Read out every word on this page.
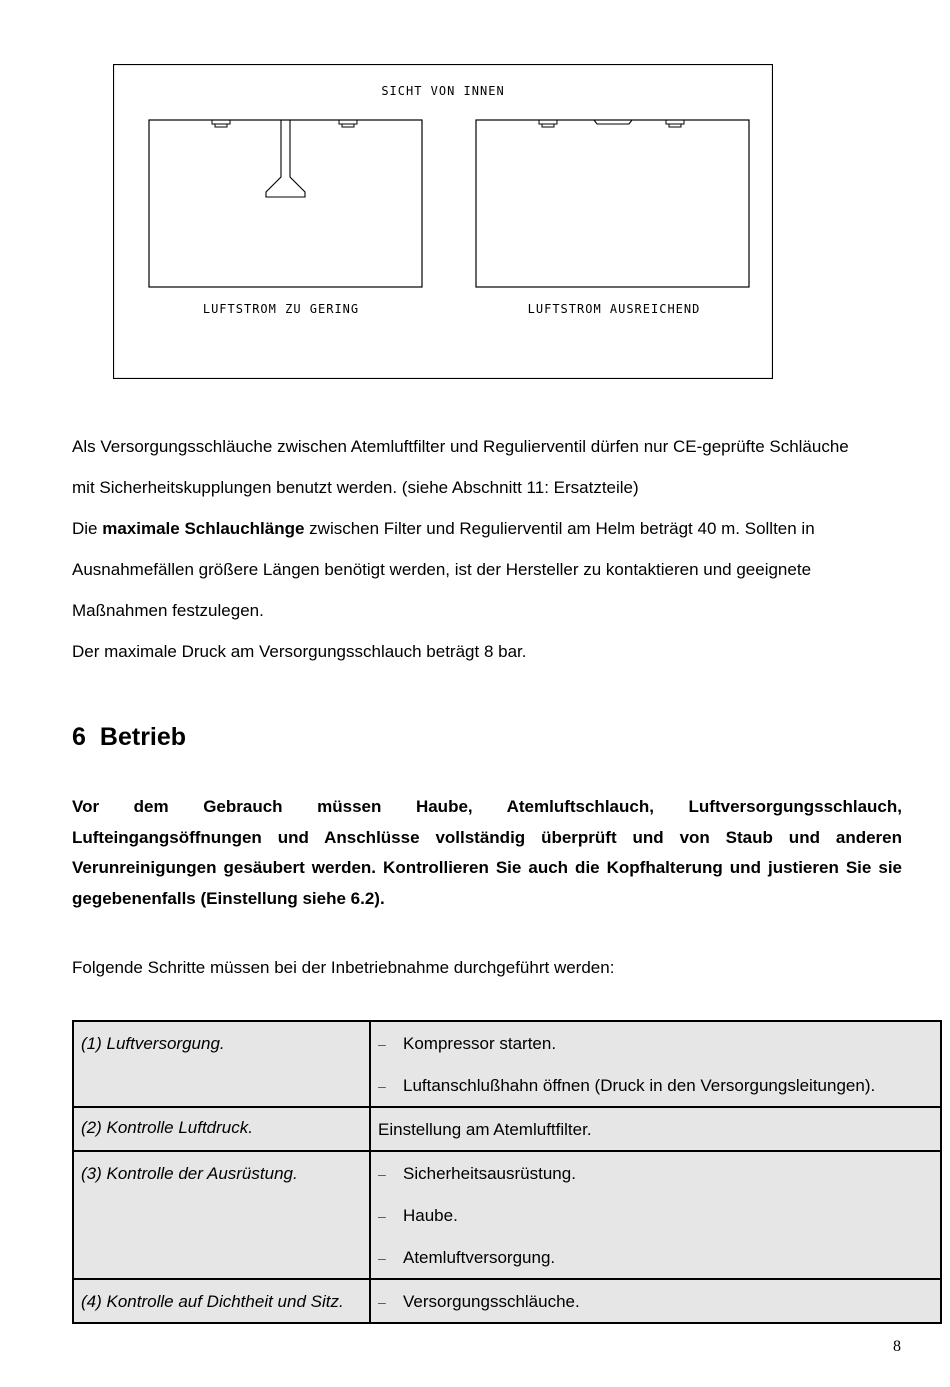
SICHT VON INNEN
LUFTSTROM ZU GERING	LUFTSTROM AUSREICHEND
Als Versorgungsschläuche zwischen Atemluftfilter und Regulierventil dürfen nur CE-geprüfte Schläuche
mit Sicherheitskupplungen benutzt werden. (siehe Abschnitt 11: Ersatzteile)
Die maximale Schlauchlänge zwischen Filter und Regulierventil am Helm beträgt 40 m. Sollten in
Ausnahmefällen größere Längen benötigt werden, ist der Hersteller zu kontaktieren und geeignete
Maßnahmen festzulegen.
Der maximale Druck am Versorgungsschlauch beträgt 8 bar.
6 Betrieb
Vor dem Gebrauch müssen Haube, Atemluftschlauch, Luftversorgungsschlauch, Lufteingangsöffnungen und Anschlüsse vollständig überprüft und von Staub und anderen Verunreinigungen gesäubert werden. Kontrollieren Sie auch die Kopfhalterung und justieren Sie sie gegebenenfalls (Einstellung siehe 6.2).
Folgende Schritte müssen bei der Inbetriebnahme durchgeführt werden:
(1) Luftversorgung.	– Kompressor starten.
– Luftanschlußhahn öffnen (Druck in den Versorgungsleitungen).

(2) Kontrolle Luftdruck.	Einstellung am Atemluftfilter.

(3) Kontrolle der Ausrüstung.	– Sicherheitsausrüstung.
– Haube.
– Atemluftversorgung.

(4) Kontrolle auf Dichtheit und Sitz.	– Versorgungsschläuche.
8
